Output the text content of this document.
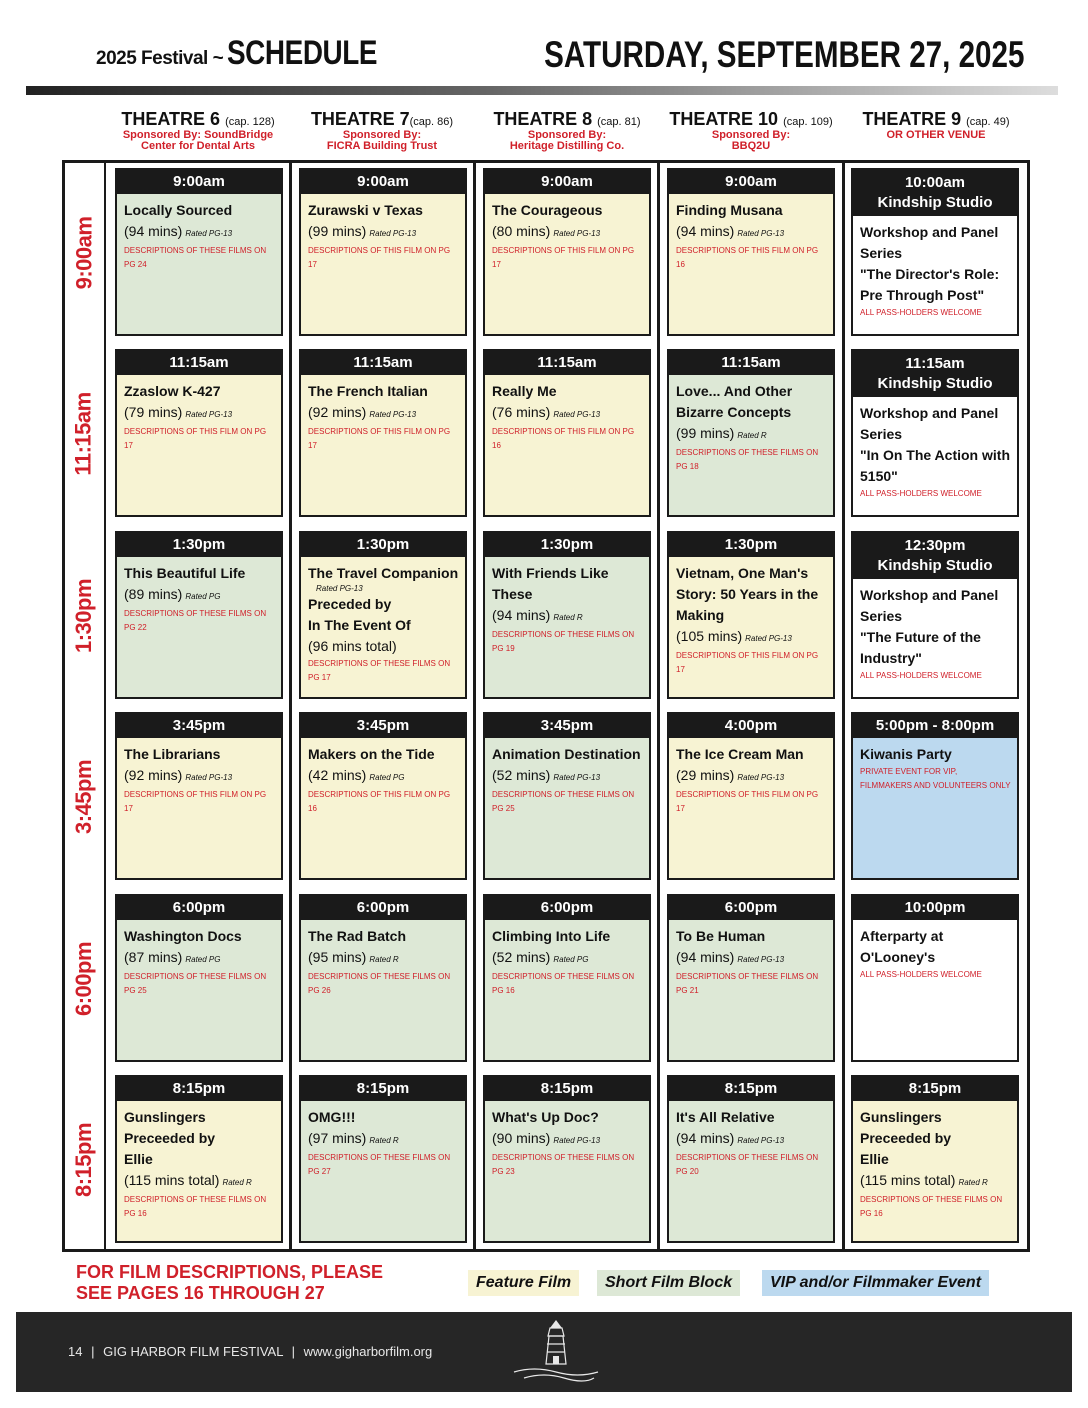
2025 Festival ~ SCHEDULE	SATURDAY, SEPTEMBER 27, 2025
THEATRE 6 (cap. 128)
Sponsored By: SoundBridge
Center for Dental Arts
THEATRE 7(cap. 86)
Sponsored By:
FICRA Building Trust
THEATRE 8 (cap. 81)
Sponsored By:
Heritage Distilling Co.
THEATRE 10 (cap. 109)
Sponsored By:
BBQ2U
THEATRE 9 (cap. 49)
OR OTHER VENUE
9:00am
11:15am
1:30pm
3:45pm
6:00pm
8:15pm
9:00am
Locally Sourced
(94 mins) Rated PG-13
DESCRIPTIONS OF THESE FILMS ON PG 24
9:00am
Zurawski v Texas
(99 mins) Rated PG-13
DESCRIPTIONS OF THIS FILM ON PG 17
9:00am
The Courageous
(80 mins) Rated PG-13
DESCRIPTIONS OF THIS FILM ON PG 17
9:00am
Finding Musana
(94 mins) Rated PG-13
DESCRIPTIONS OF THIS FILM ON PG 16
10:00am
Kindship Studio
Workshop and Panel Series
"The Director's Role: Pre Through Post"
ALL PASS-HOLDERS WELCOME
11:15am
Zzaslow K-427
(79 mins) Rated PG-13
DESCRIPTIONS OF THIS FILM ON PG 17
11:15am
The French Italian
(92 mins) Rated PG-13
DESCRIPTIONS OF THIS FILM ON PG 17
11:15am
Really Me
(76 mins) Rated PG-13
DESCRIPTIONS OF THIS FILM ON PG 16
11:15am
Love... And Other Bizarre Concepts
(99 mins) Rated R
DESCRIPTIONS OF THESE FILMS ON PG 18
11:15am
Kindship Studio
Workshop and Panel Series
"In On The Action with 5150"
ALL PASS-HOLDERS WELCOME
1:30pm
This Beautiful Life
(89 mins) Rated PG
DESCRIPTIONS OF THESE FILMS ON PG 22
1:30pm
The Travel Companion
Rated PG-13
Preceded by
In The Event Of
(96 mins total)
DESCRIPTIONS OF THESE FILMS ON PG 17
1:30pm
With Friends Like These
(94 mins) Rated R
DESCRIPTIONS OF THESE FILMS ON PG 19
1:30pm
Vietnam, One Man's Story: 50 Years in the Making
(105 mins) Rated PG-13
DESCRIPTIONS OF THIS FILM ON PG 17
12:30pm
Kindship Studio
Workshop and Panel Series
"The Future of the Industry"
ALL PASS-HOLDERS WELCOME
3:45pm
The Librarians
(92 mins) Rated PG-13
DESCRIPTIONS OF THIS FILM ON PG 17
3:45pm
Makers on the Tide
(42 mins) Rated PG
DESCRIPTIONS OF THIS FILM ON PG 16
3:45pm
Animation Destination
(52 mins) Rated PG-13
DESCRIPTIONS OF THESE FILMS ON PG 25
4:00pm
The Ice Cream Man
(29 mins) Rated PG-13
DESCRIPTIONS OF THIS FILM ON PG 17
5:00pm - 8:00pm
Kiwanis Party
PRIVATE EVENT FOR VIP, FILMMAKERS AND VOLUNTEERS ONLY
6:00pm
Washington Docs
(87 mins) Rated PG
DESCRIPTIONS OF THESE FILMS ON PG 25
6:00pm
The Rad Batch
(95 mins) Rated R
DESCRIPTIONS OF THESE FILMS ON PG 26
6:00pm
Climbing Into Life
(52 mins) Rated PG
DESCRIPTIONS OF THESE FILMS ON PG 16
6:00pm
To Be Human
(94 mins) Rated PG-13
DESCRIPTIONS OF THESE FILMS ON PG 21
10:00pm
Afterparty at O'Looney's
ALL PASS-HOLDERS WELCOME
8:15pm
Gunslingers
Preceeded by
Ellie
(115 mins total) Rated R
DESCRIPTIONS OF THESE FILMS ON PG 16
8:15pm
OMG!!!
(97 mins) Rated R
DESCRIPTIONS OF THESE FILMS ON PG 27
8:15pm
What's Up Doc?
(90 mins) Rated PG-13
DESCRIPTIONS OF THESE FILMS ON PG 23
8:15pm
It's All Relative
(94 mins) Rated PG-13
DESCRIPTIONS OF THESE FILMS ON PG 20
8:15pm
Gunslingers
Preceeded by
Ellie
(115 mins total) Rated R
DESCRIPTIONS OF THESE FILMS ON PG 16
FOR FILM DESCRIPTIONS, PLEASE
SEE PAGES 16 THROUGH 27
Feature Film	Short Film Block	VIP and/or Filmmaker Event
14 | GIG HARBOR FILM FESTIVAL | www.gigharborfilm.org
